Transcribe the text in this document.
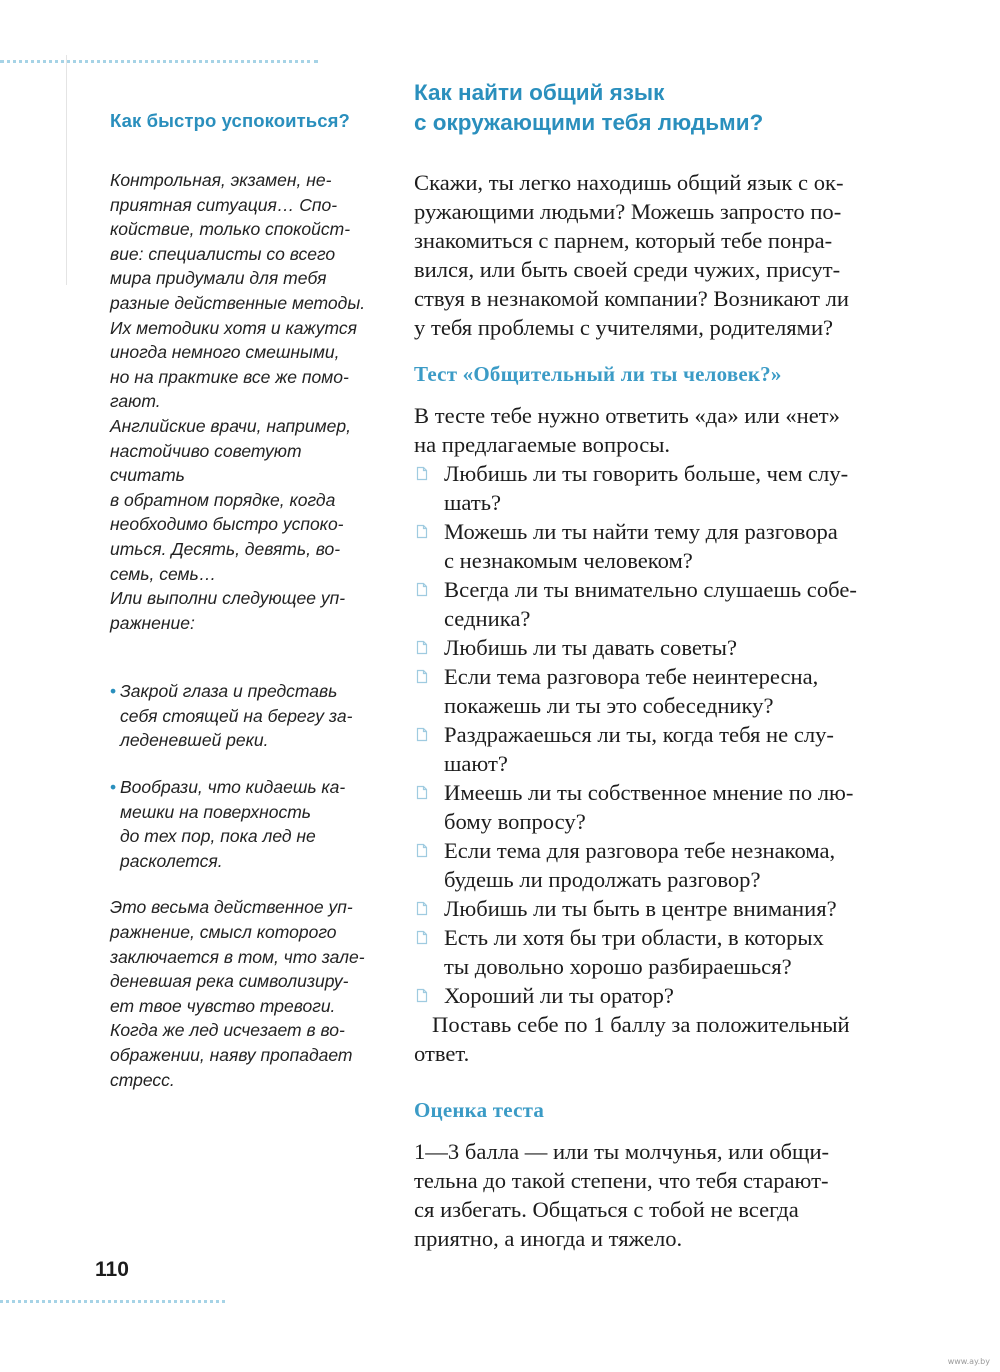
Как быстро успокоиться?

Контрольная, экзамен, не-
приятная ситуация… Спо-
койствие, только спокойст-
вие: специалисты со всего
мира придумали для тебя
разные действенные методы.
Их методики хотя и кажутся
иногда немного смешными,
но на практике все же помо-
гают.

Английские врачи, например,
настойчиво советуют считать
в обратном порядке, когда
необходимо быстро успоко-
иться. Десять, девять, во-
семь, семь…

Или выполни следующее уп-
ражнение:

• Закрой глаза и представь
себя стоящей на берегу за-
леденевшей реки.

• Вообрази, что кидаешь ка-
мешки на поверхность
до тех пор, пока лед не
расколется.

Это весьма действенное уп-
ражнение, смысл которого
заключается в том, что зале-
деневшая река символизиру-
ет твое чувство тревоги.
Когда же лед исчезает в во-
ображении, наяву пропадает
стресс.

Как найти общий язык
с окружающими тебя людьми?

Скажи, ты легко находишь общий язык с ок-
ружающими людьми? Можешь запросто по-
знакомиться с парнем, который тебе понра-
вился, или быть своей среди чужих, присут-
ствуя в незнакомой компании? Возникают ли
у тебя проблемы с учителями, родителями?

Тест «Общительный ли ты человек?»

В тесте тебе нужно ответить «да» или «нет»
на предлагаемые вопросы.

Любишь ли ты говорить больше, чем слу-
шать?
Можешь ли ты найти тему для разговора
с незнакомым человеком?
Всегда ли ты внимательно слушаешь собе-
седника?
Любишь ли ты давать советы?
Если тема разговора тебе неинтересна,
покажешь ли ты это собеседнику?
Раздражаешься ли ты, когда тебя не слу-
шают?
Имеешь ли ты собственное мнение по лю-
бому вопросу?
Если тема для разговора тебе незнакома,
будешь ли продолжать разговор?
Любишь ли ты быть в центре внимания?
Есть ли хотя бы три области, в которых
ты довольно хорошо разбираешься?
Хороший ли ты оратор?

Поставь себе по 1 баллу за положительный
ответ.

Оценка теста

1—3 балла — или ты молчунья, или общи-
тельна до такой степени, что тебя старают-
ся избегать. Общаться с тобой не всегда
приятно, а иногда и тяжело.

110
www.ay.by
